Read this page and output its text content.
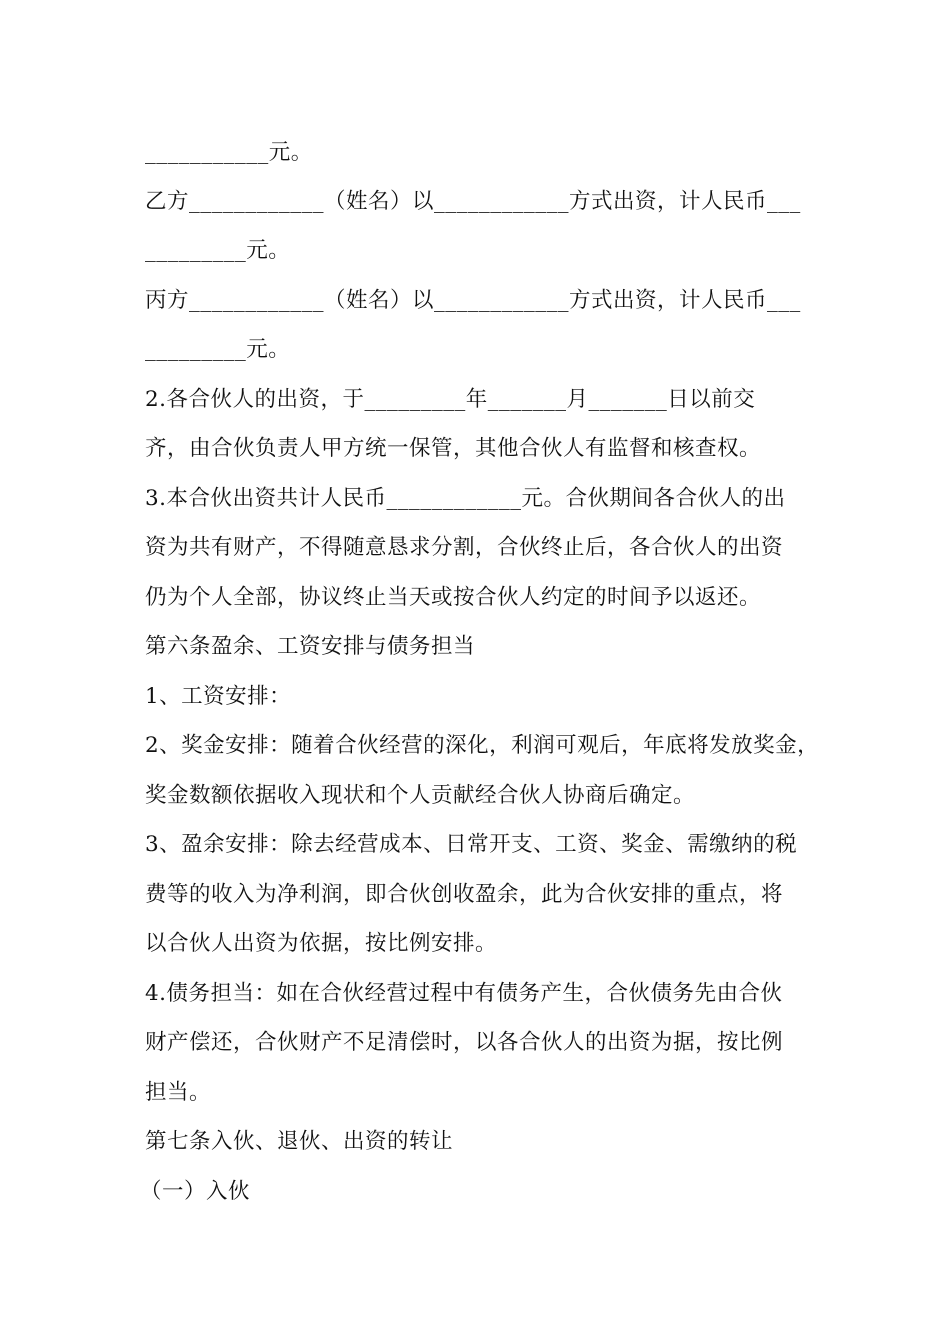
___________元。
乙方____________（姓名）以____________方式出资，计人民币___
_________元。
丙方____________（姓名）以____________方式出资，计人民币___
_________元。
2.各合伙人的出资，于_________年_______月_______日以前交
齐，由合伙负责人甲方统一保管，其他合伙人有监督和核查权。
3.本合伙出资共计人民币____________元。合伙期间各合伙人的出
资为共有财产，不得随意恳求分割，合伙终止后，各合伙人的出资
仍为个人全部，协议终止当天或按合伙人约定的时间予以返还。
第六条盈余、工资安排与债务担当
1、工资安排：
2、奖金安排：随着合伙经营的深化，利润可观后，年底将发放奖金，
奖金数额依据收入现状和个人贡献经合伙人协商后确定。
3、盈余安排：除去经营成本、日常开支、工资、奖金、需缴纳的税
费等的收入为净利润，即合伙创收盈余，此为合伙安排的重点，将
以合伙人出资为依据，按比例安排。
4.债务担当：如在合伙经营过程中有债务产生，合伙债务先由合伙
财产偿还，合伙财产不足清偿时，以各合伙人的出资为据，按比例
担当。
第七条入伙、退伙、出资的转让
（一）入伙
